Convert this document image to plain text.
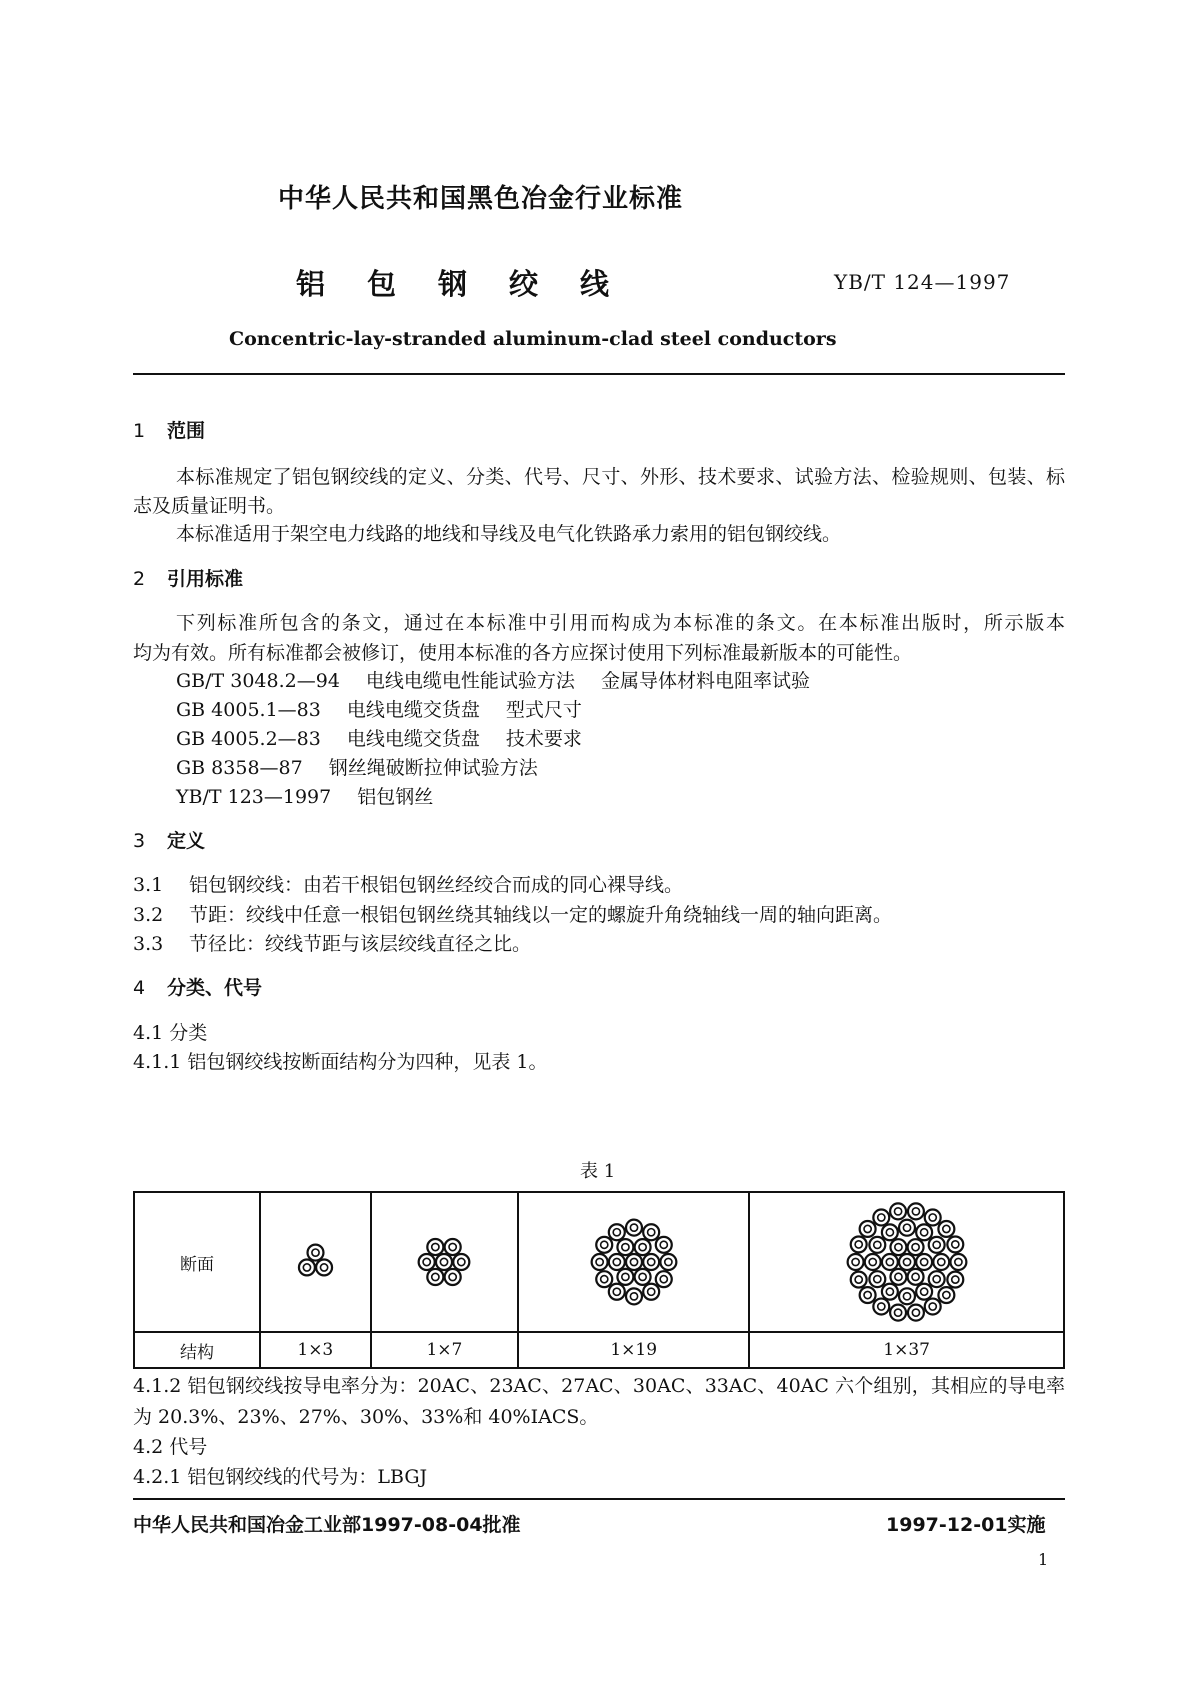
中华人民共和国黑色冶金行业标准
铝包钢绞线	YB/T 124—1997
Concentric-lay-stranded aluminum-clad steel conductors
1 范围
本标准规定了铝包钢绞线的定义、分类、代号、尺寸、外形、技术要求、试验方法、检验规则、包装、标
志及质量证明书。
本标准适用于架空电力线路的地线和导线及电气化铁路承力索用的铝包钢绞线。
2 引用标准
下列标准所包含的条文，通过在本标准中引用而构成为本标准的条文。在本标准出版时，所示版本
均为有效。所有标准都会被修订，使用本标准的各方应探讨使用下列标准最新版本的可能性。
GB/T 3048.2—94 电线电缆电性能试验方法 金属导体材料电阻率试验
GB 4005.1—83 电线电缆交货盘 型式尺寸
GB 4005.2—83 电线电缆交货盘 技术要求
GB 8358—87 钢丝绳破断拉伸试验方法
YB/T 123—1997 铝包钢丝
3 定义
3.1 铝包钢绞线：由若干根铝包钢丝经绞合而成的同心裸导线。
3.2 节距：绞线中任意一根铝包钢丝绕其轴线以一定的螺旋升角绕轴线一周的轴向距离。
3.3 节径比：绞线节距与该层绞线直径之比。
4 分类、代号
4.1 分类
4.1.1 铝包钢绞线按断面结构分为四种，见表 1。
表 1
断面	

结构	1×3	1×7	1×19	1×37
4.1.2 铝包钢绞线按导电率分为：20AC、23AC、27AC、30AC、33AC、40AC 六个组别，其相应的导电率
为 20.3%、23%、27%、30%、33%和 40%IACS。
4.2 代号
4.2.1 铝包钢绞线的代号为：LBGJ
中华人民共和国冶金工业部1997-08-04批准	1997-12-01实施
1
